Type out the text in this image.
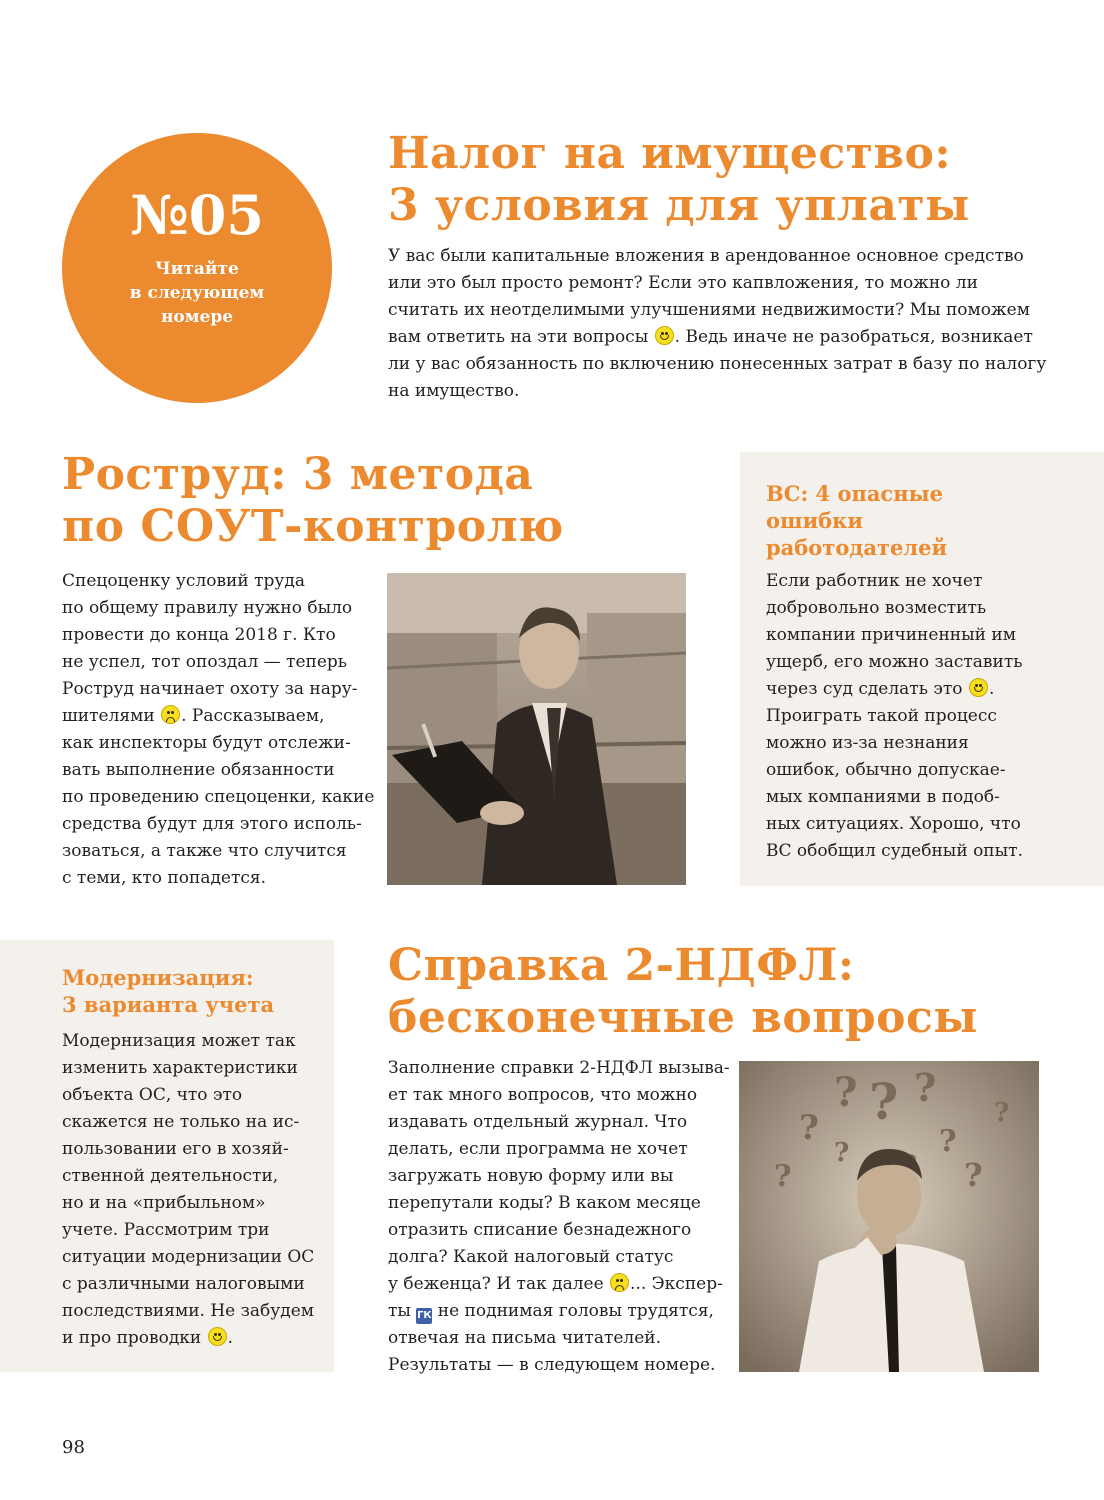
№05
Читайте
в следующем
номере
Налог на имущество:
3 условия для уплаты

У вас были капитальные вложения в арендованное основное средство
или это был просто ремонт? Если это капвложения, то можно ли
считать их неотделимыми улучшениями недвижимости? Мы поможем
вам ответить на эти вопросы . Ведь иначе не разобраться, возникает
ли у вас обязанность по включению понесенных затрат в базу по налогу
на имущество.

Роструд: 3 метода
по СОУТ-контролю

Спецоценку условий труда
по общему правилу нужно было
провести до конца 2018 г. Кто
не успел, тот опоздал — теперь
Роструд начинает охоту за нару-
шителями . Рассказываем,
как инспекторы будут отслежи-
вать выполнение обязанности
по проведению спецоценки, какие
средства будут для этого исполь-
зоваться, а также что случится
с теми, кто попадется.

ВС: 4 опасные
ошибки
работодателей

Если работник не хочет
добровольно возместить
компании причиненный им
ущерб, его можно заставить
через суд сделать это .
Проиграть такой процесс
можно из-за незнания
ошибок, обычно допускае-
мых компаниями в подоб-
ных ситуациях. Хорошо, что
ВС обобщил судебный опыт.

Модернизация:
3 варианта учета

Модернизация может так
изменить характеристики
объекта ОС, что это
скажется не только на ис-
пользовании его в хозяй-
ственной деятельности,
но и на «прибыльном»
учете. Рассмотрим три
ситуации модернизации ОС
с различными налоговыми
последствиями. Не забудем
и про проводки .

Справка 2-НДФЛ:
бесконечные вопросы

Заполнение справки 2-НДФЛ вызыва-
ет так много вопросов, что можно
издавать отдельный журнал. Что
делать, если программа не хочет
загружать новую форму или вы
перепутали коды? В каком месяце
отразить списание безнадежного
долга? Какой налоговый статус
у беженца? И так далее ... Экспер-
ты ГК не поднимая головы трудятся,
отвечая на письма читателей.
Результаты — в следующем номере.

? ? ?
?	?
?	?
?
?
98
